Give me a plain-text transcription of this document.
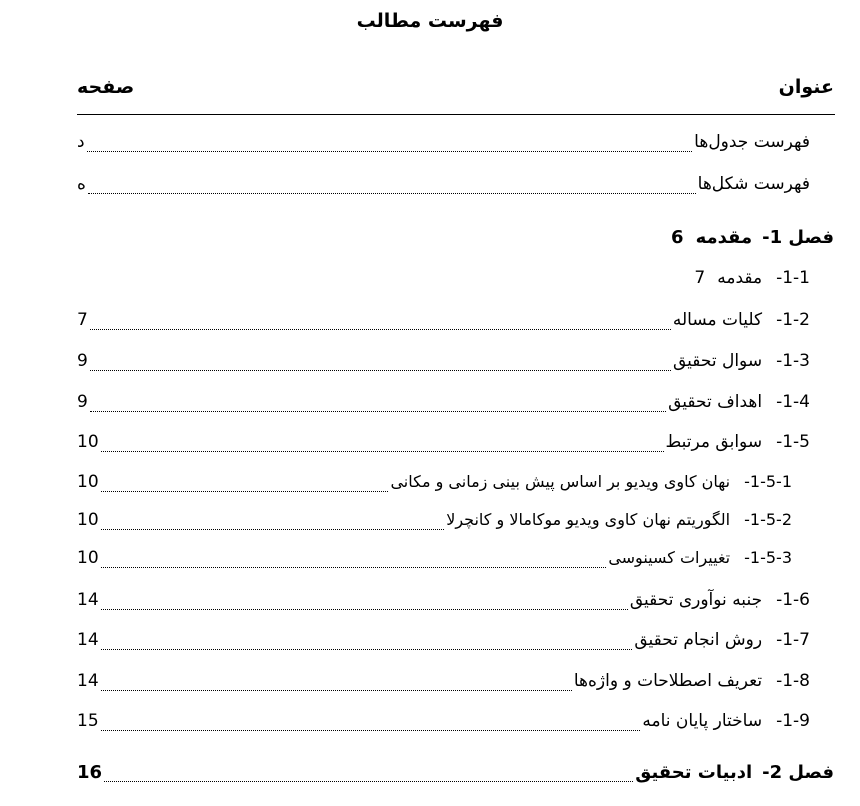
فهرست مطالب
عنوان
صفحه
فهرست جدول‌ها
د
فهرست شکل‌ها
ه
فصل 1-
مقدمه
6
1-1-
مقدمه
7
1-2-
کلیات مساله
7
1-3-
سوال تحقیق
9
1-4-
اهداف تحقیق
9
1-5-
سوابق مرتبط
10
1-5-1-
نهان کاوی ویدیو بر اساس پیش بینی زمانی و مکانی
10
1-5-2-
الگوریتم نهان کاوی ویدیو موکامالا و کانچرلا
10
1-5-3-
تغییرات کسینوسی
10
1-6-
جنبه نوآوری تحقیق
14
1-7-
روش انجام تحقیق
14
1-8-
تعریف اصطلاحات و واژه‌ها
14
1-9-
ساختار پایان نامه
15
فصل 2-
ادبیات تحقیق
16
